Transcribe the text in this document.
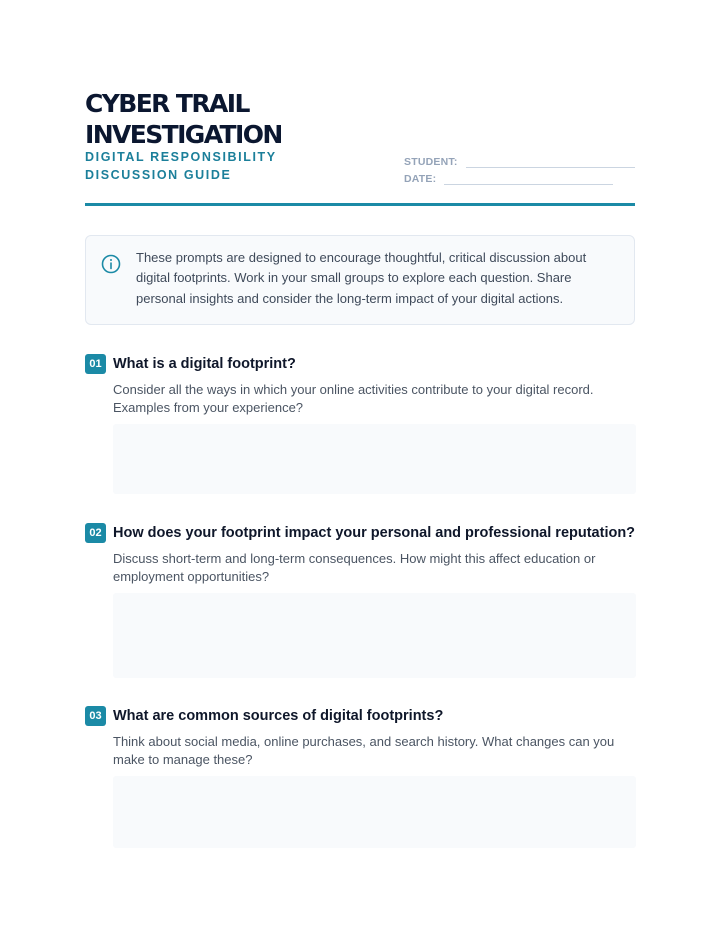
CYBER TRAIL INVESTIGATION
DIGITAL RESPONSIBILITY DISCUSSION GUIDE
STUDENT:
DATE:
These prompts are designed to encourage thoughtful, critical discussion about digital footprints. Work in your small groups to explore each question. Share personal insights and consider the long-term impact of your digital actions.
01 What is a digital footprint?
Consider all the ways in which your online activities contribute to your digital record. Examples from your experience?
02 How does your footprint impact your personal and professional reputation?
Discuss short-term and long-term consequences. How might this affect education or employment opportunities?
03 What are common sources of digital footprints?
Think about social media, online purchases, and search history. What changes can you make to manage these?
